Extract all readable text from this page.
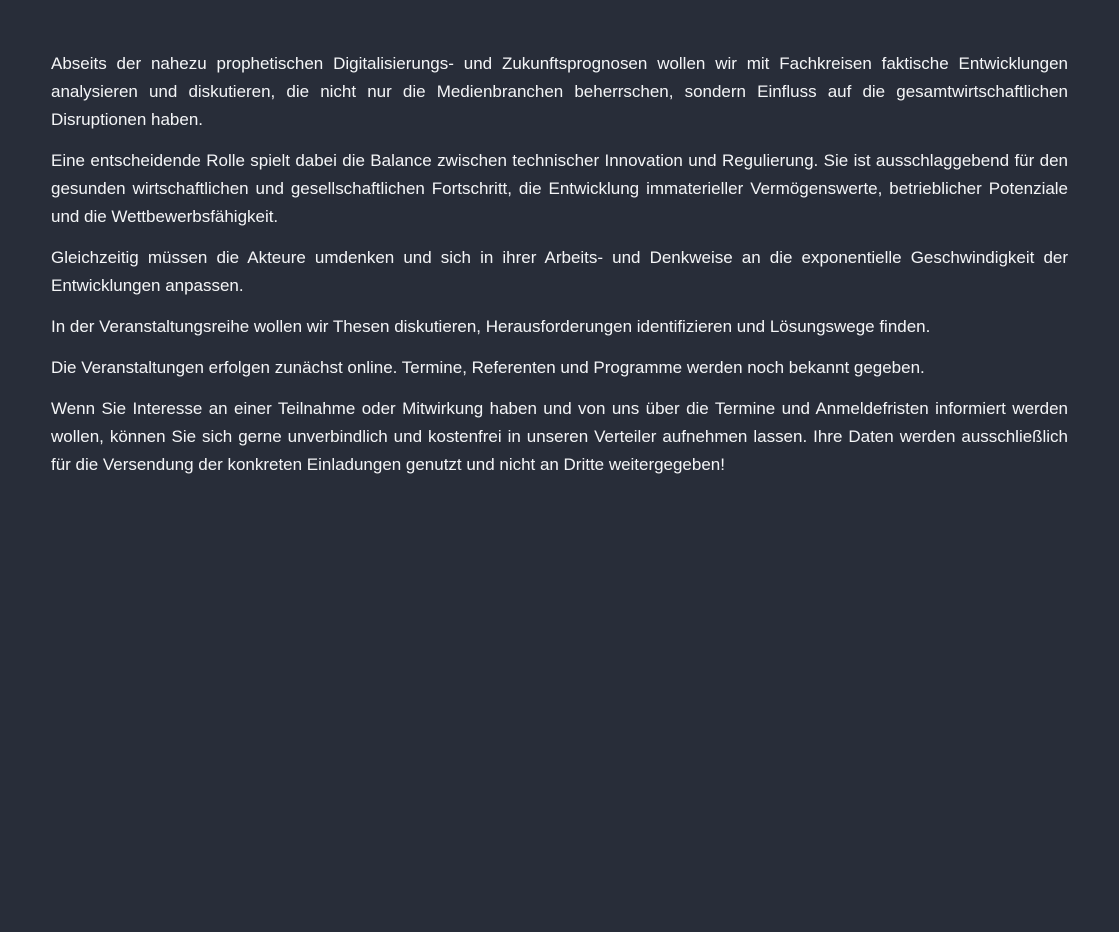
Abseits der nahezu prophetischen Digitalisierungs- und Zukunftsprognosen wollen wir mit Fachkreisen faktische Entwicklungen analysieren und diskutieren, die nicht nur die Medienbranchen beherrschen, sondern Einfluss auf die gesamtwirtschaftlichen Disruptionen haben.

Eine entscheidende Rolle spielt dabei die Balance zwischen technischer Innovation und Regulierung. Sie ist ausschlaggebend für den gesunden wirtschaftlichen und gesellschaftlichen Fortschritt, die Entwicklung immaterieller Vermögenswerte, betrieblicher Potenziale und die Wettbewerbsfähigkeit.

Gleichzeitig müssen die Akteure umdenken und sich in ihrer Arbeits- und Denkweise an die exponentielle Geschwindigkeit der Entwicklungen anpassen.

In der Veranstaltungsreihe wollen wir Thesen diskutieren, Herausforderungen identifizieren und Lösungswege finden.

Die Veranstaltungen erfolgen zunächst online. Termine, Referenten und Programme werden noch bekannt gegeben.

Wenn Sie Interesse an einer Teilnahme oder Mitwirkung haben und von uns über die Termine und Anmeldefristen informiert werden wollen, können Sie sich gerne unverbindlich und kostenfrei in unseren Verteiler aufnehmen lassen. Ihre Daten werden ausschließlich für die Versendung der konkreten Einladungen genutzt und nicht an Dritte weitergegeben!
